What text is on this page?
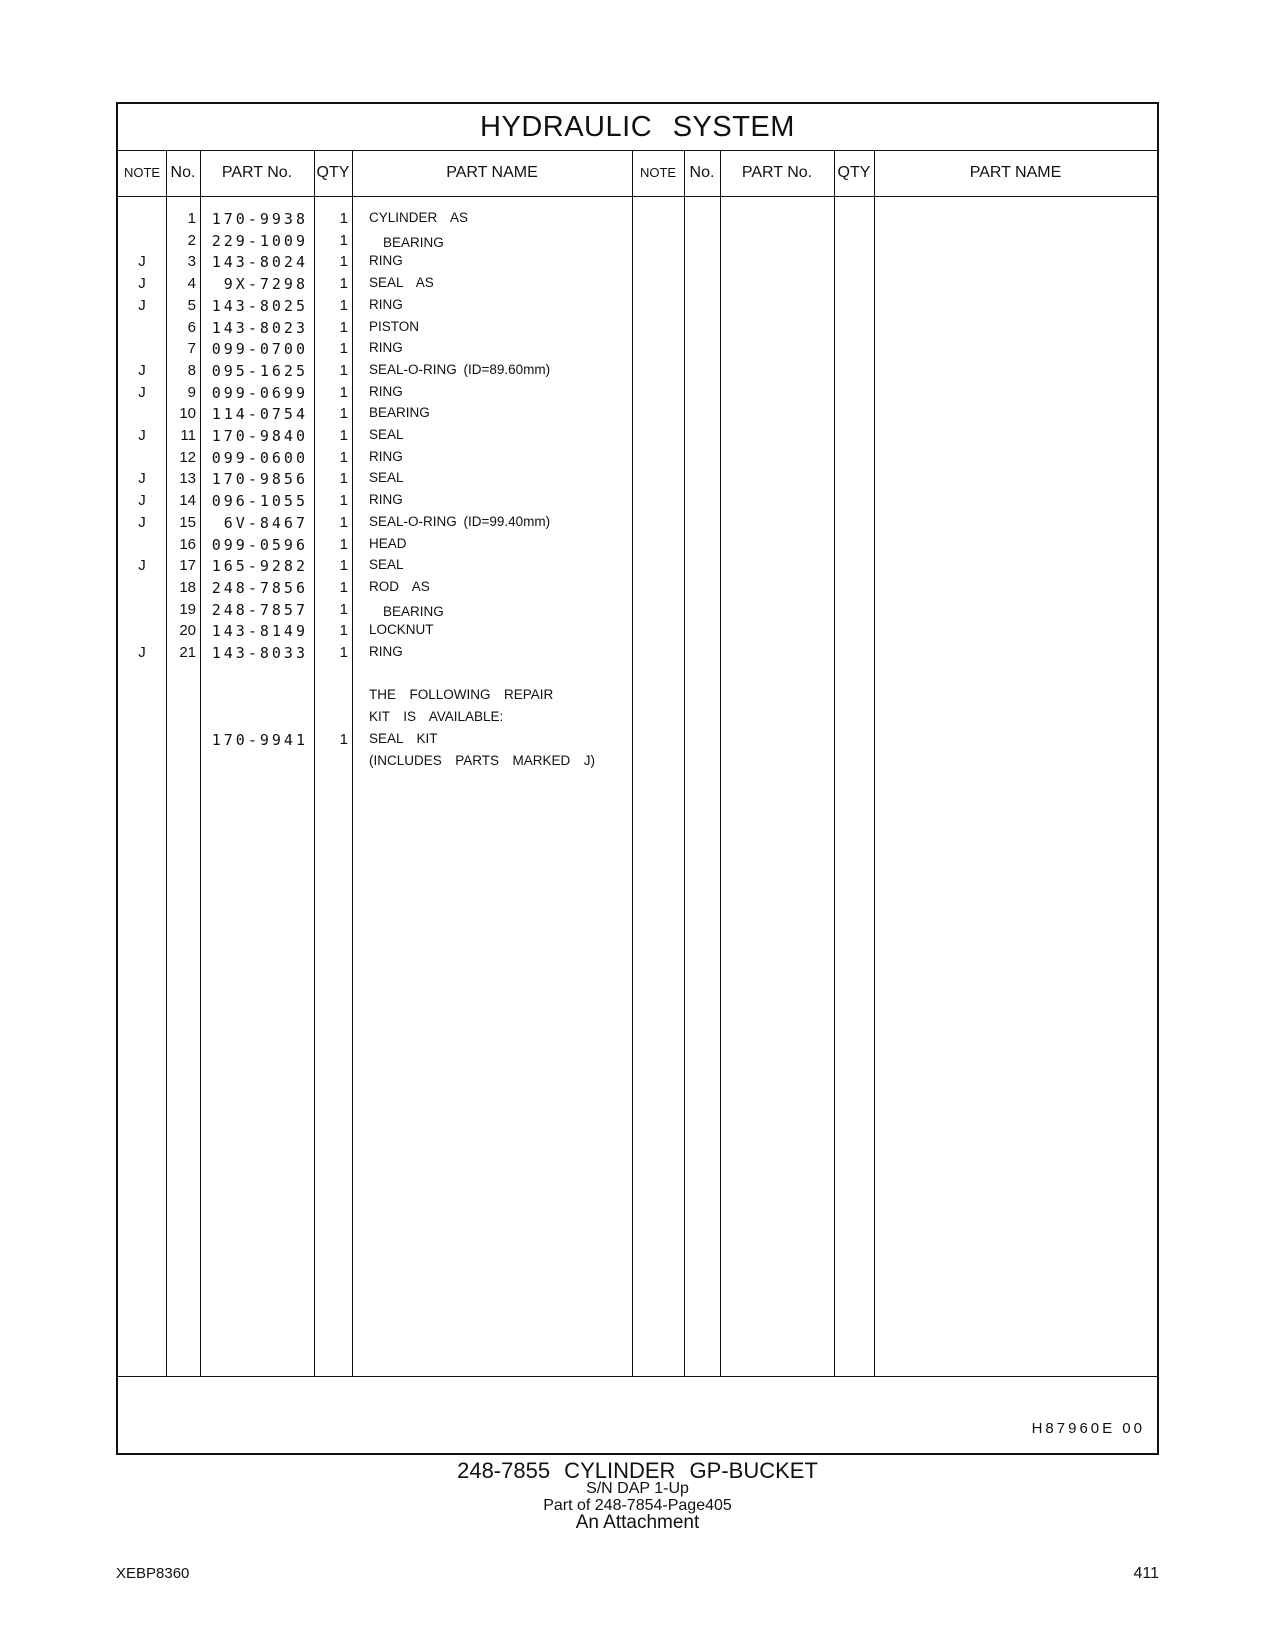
HYDRAULIC SYSTEM
NOTE No.	PART No.	QTY	PART NAME	NOTE No.	PART No.	QTY	PART NAME
1	170-9938	1 CYLINDER  AS
2	229-1009	1	BEARING
J	3	143-8024	1 RING
J	4	9X-7298	1 SEAL  AS
J	5	143-8025	1 RING
6	143-8023	1 PISTON
7	099-0700	1 RING
J	8	095-1625	1 SEAL-O-RING (ID=89.60mm)
J	9	099-0699	1 RING
10	114-0754	1 BEARING
J	11	170-9840	1 SEAL
12	099-0600	1 RING
J	13	170-9856	1 SEAL
J	14	096-1055	1 RING
J	15	6V-8467	1 SEAL-O-RING (ID=99.40mm)
16	099-0596	1 HEAD
J	17	165-9282	1 SEAL
18	248-7856	1 ROD  AS
19	248-7857	1	BEARING
20	143-8149	1 LOCKNUT
J	21	143-8033	1 RING
THE  FOLLOWING  REPAIR
KIT  IS  AVAILABLE:
170-9941	1 SEAL  KIT
(INCLUDES  PARTS  MARKED  J)
H87960E 00
248-7855 CYLINDER GP-BUCKET
S/N DAP 1-Up
Part of 248-7854-Page405
An Attachment
XEBP8360	411
